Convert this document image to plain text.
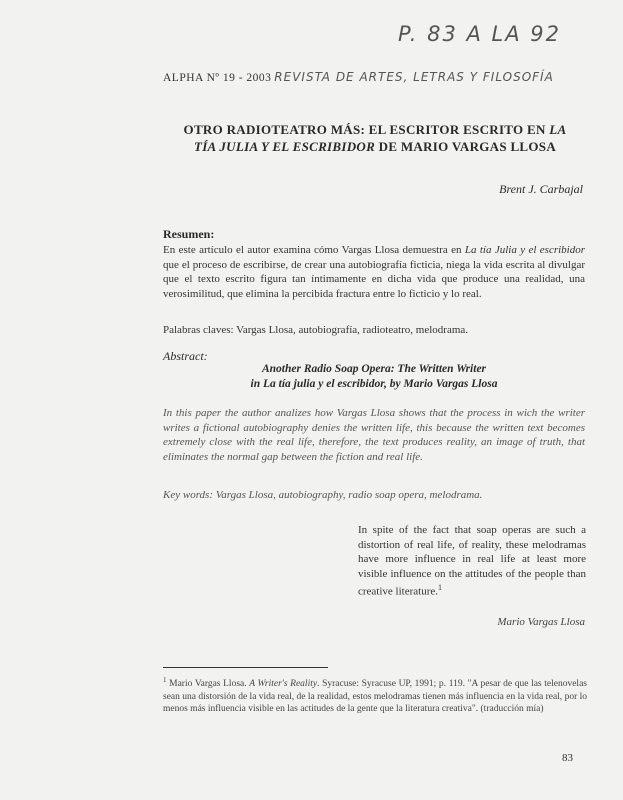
P. 83 A LA 92
ALPHA Nº 19 - 2003 REVISTA DE ARTES, LETRAS Y FILOSOFÍA
OTRO RADIOTEATRO MÁS: EL ESCRITOR ESCRITO EN LA
TÍA JULIA Y EL ESCRIBIDOR DE MARIO VARGAS LLOSA
Brent J. Carbajal
Resumen:
En este artículo el autor examina cómo Vargas Llosa demuestra en La tía Julia y el escribidor que el proceso de escribirse, de crear una autobiografía ficticia, niega la vida escrita al divulgar que el texto escrito figura tan íntimamente en dicha vida que produce una realidad, una verosimilitud, que elimina la percibida fractura entre lo ficticio y lo real.
Palabras claves: Vargas Llosa, autobiografía, radioteatro, melodrama.
Abstract:
Another Radio Soap Opera: The Written Writer
in La tía julia y el escribidor, by Mario Vargas Llosa
In this paper the author analizes how Vargas Llosa shows that the process in wich the writer writes a fictional autobiography denies the written life, this because the written text becomes extremely close with the real life, therefore, the text produces reality, an image of truth, that eliminates the normal gap between the fiction and real life.
Key words: Vargas Llosa, autobiography, radio soap opera, melodrama.
In spite of the fact that soap operas are such a distortion of real life, of reality, these melodramas have more influence in real life at least more visible influence on the attitudes of the people than creative literature.$^1$
Mario Vargas Llosa
$^1$ Mario Vargas Llosa. A Writer's Reality. Syracuse: Syracuse UP, 1991; p. 119. "A pesar de que las telenovelas sean una distorsión de la vida real, de la realidad, estos melodramas tienen más influencia en la vida real, por lo menos más influencia visible en las actitudes de la gente que la literatura creativa". (traducción mía)
83
